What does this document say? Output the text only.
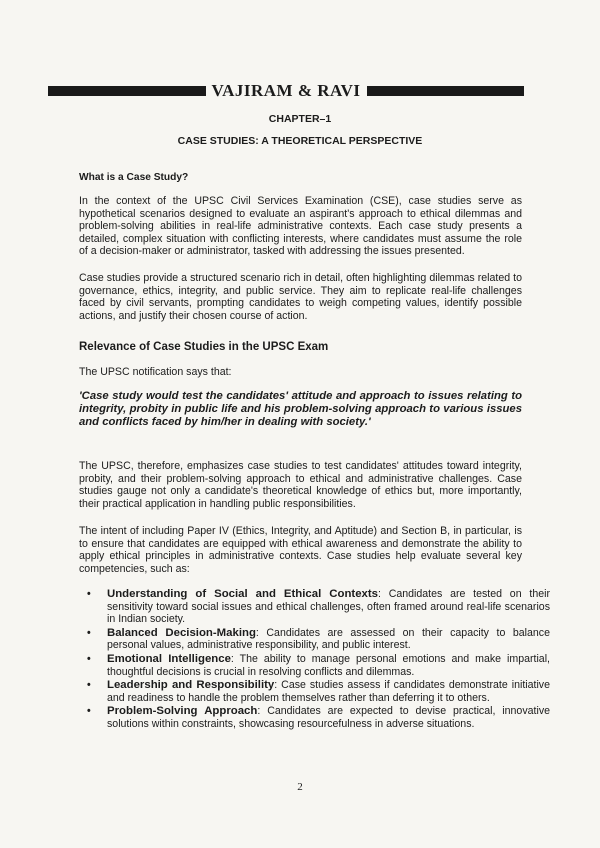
VAJIRAM & RAVI
CHAPTER–1
CASE STUDIES: A THEORETICAL PERSPECTIVE
What is a Case Study?

In the context of the UPSC Civil Services Examination (CSE), case studies serve as hypothetical scenarios designed to evaluate an aspirant's approach to ethical dilemmas and problem-solving abilities in real-life administrative contexts. Each case study presents a detailed, complex situation with conflicting interests, where candidates must assume the role of a decision-maker or administrator, tasked with addressing the issues presented.

Case studies provide a structured scenario rich in detail, often highlighting dilemmas related to governance, ethics, integrity, and public service. They aim to replicate real-life challenges faced by civil servants, prompting candidates to weigh competing values, identify possible actions, and justify their chosen course of action.

Relevance of Case Studies in the UPSC Exam
The UPSC notification says that:

'Case study would test the candidates' attitude and approach to issues relating to integrity, probity in public life and his problem-solving approach to various issues and conflicts faced by him/her in dealing with society.'

The UPSC, therefore, emphasizes case studies to test candidates' attitudes toward integrity, probity, and their problem-solving approach to ethical and administrative challenges. Case studies gauge not only a candidate's theoretical knowledge of ethics but, more importantly, their practical application in handling public responsibilities.

The intent of including Paper IV (Ethics, Integrity, and Aptitude) and Section B, in particular, is to ensure that candidates are equipped with ethical awareness and demonstrate the ability to apply ethical principles in administrative contexts. Case studies help evaluate several key competencies, such as:

• Understanding of Social and Ethical Contexts: Candidates are tested on their sensitivity toward social issues and ethical challenges, often framed around real-life scenarios in Indian society.
• Balanced Decision-Making: Candidates are assessed on their capacity to balance personal values, administrative responsibility, and public interest.
• Emotional Intelligence: The ability to manage personal emotions and make impartial, thoughtful decisions is crucial in resolving conflicts and dilemmas.
• Leadership and Responsibility: Case studies assess if candidates demonstrate initiative and readiness to handle the problem themselves rather than deferring it to others.
• Problem-Solving Approach: Candidates are expected to devise practical, innovative solutions within constraints, showcasing resourcefulness in adverse situations.
2
